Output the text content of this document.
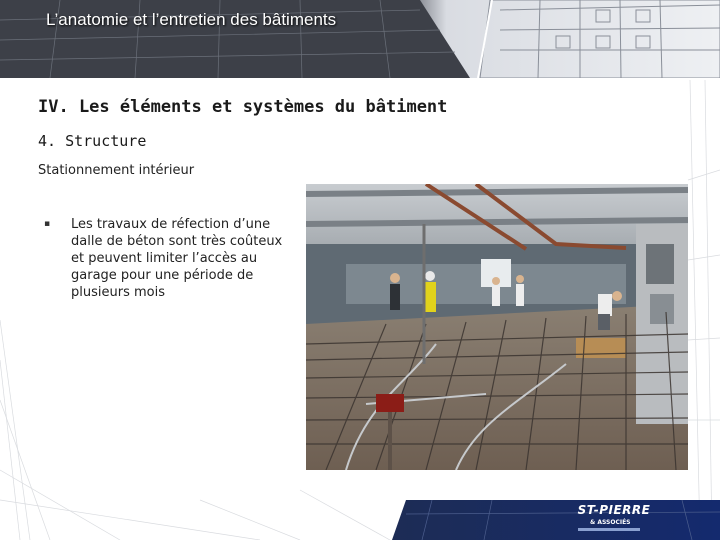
L’anatomie et l’entretien des bâtiments
IV. Les éléments et systèmes du bâtiment
4. Structure
Stationnement intérieur
▪ Les travaux de réfection d’une dalle de béton sont très coûteux et peuvent limiter l’accès au garage pour une période de plusieurs mois
ST-PIERRE
& ASSOCIÉS
